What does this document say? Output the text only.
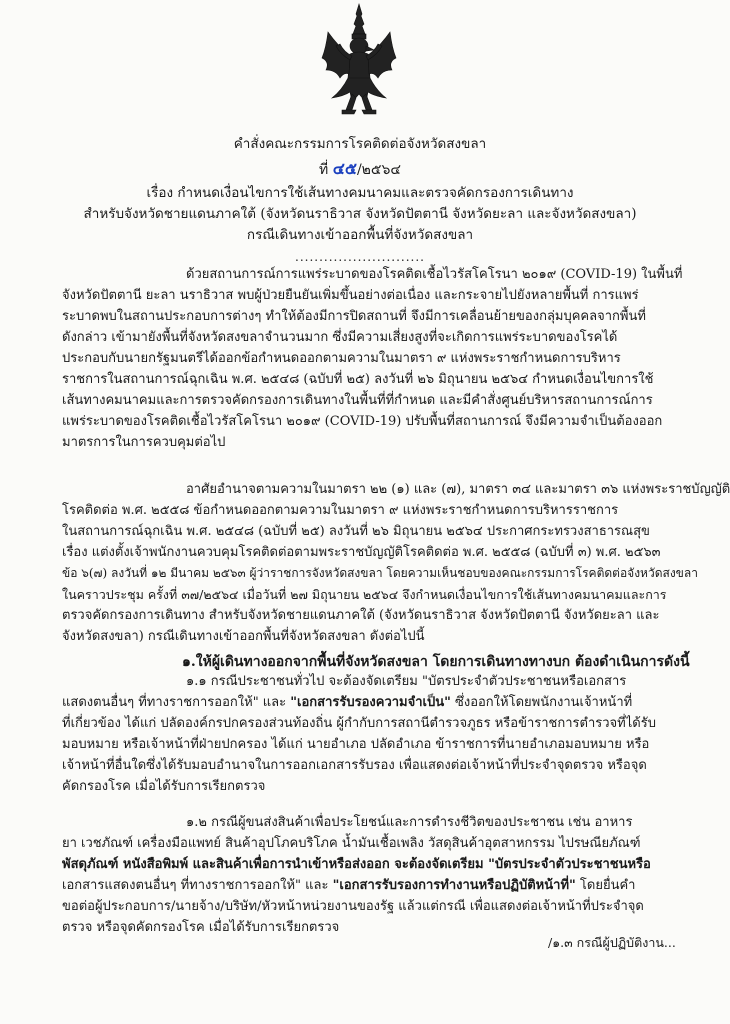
คำสั่งคณะกรรมการโรคติดต่อจังหวัดสงขลา
ที่ ๔๕/๒๕๖๔
เรื่อง กำหนดเงื่อนไขการใช้เส้นทางคมนาคมและตรวจคัดกรองการเดินทาง
สำหรับจังหวัดชายแดนภาคใต้ (จังหวัดนราธิวาส จังหวัดปัตตานี จังหวัดยะลา และจังหวัดสงขลา)
กรณีเดินทางเข้าออกพื้นที่จังหวัดสงขลา
...........................
ด้วยสถานการณ์การแพร่ระบาดของโรคติดเชื้อไวรัสโคโรนา ๒๐๑๙ (COVID-19) ในพื้นที่
จังหวัดปัตตานี ยะลา นราธิวาส พบผู้ป่วยยืนยันเพิ่มขึ้นอย่างต่อเนื่อง และกระจายไปยังหลายพื้นที่ การแพร่
ระบาดพบในสถานประกอบการต่างๆ ทำให้ต้องมีการปิดสถานที่ จึงมีการเคลื่อนย้ายของกลุ่มบุคคลจากพื้นที่
ดังกล่าว เข้ามายังพื้นที่จังหวัดสงขลาจำนวนมาก ซึ่งมีความเสี่ยงสูงที่จะเกิดการแพร่ระบาดของโรคได้
ประกอบกับนายกรัฐมนตรีได้ออกข้อกำหนดออกตามความในมาตรา ๙ แห่งพระราชกำหนดการบริหาร
ราชการในสถานการณ์ฉุกเฉิน พ.ศ. ๒๕๔๘ (ฉบับที่ ๒๕) ลงวันที่ ๒๖ มิถุนายน ๒๕๖๔ กำหนดเงื่อนไขการใช้
เส้นทางคมนาคมและการตรวจคัดกรองการเดินทางในพื้นที่ที่กำหนด และมีคำสั่งศูนย์บริหารสถานการณ์การ
แพร่ระบาดของโรคติดเชื้อไวรัสโคโรนา ๒๐๑๙ (COVID-19) ปรับพื้นที่สถานการณ์ จึงมีความจำเป็นต้องออก
มาตรการในการควบคุมต่อไป
อาศัยอำนาจตามความในมาตรา ๒๒ (๑) และ (๗), มาตรา ๓๔ และมาตรา ๓๖ แห่งพระราชบัญญัติ
โรคติดต่อ พ.ศ. ๒๕๕๘ ข้อกำหนดออกตามความในมาตรา ๙ แห่งพระราชกำหนดการบริหารราชการ
ในสถานการณ์ฉุกเฉิน พ.ศ. ๒๕๔๘ (ฉบับที่ ๒๕) ลงวันที่ ๒๖ มิถุนายน ๒๕๖๔ ประกาศกระทรวงสาธารณสุข
เรื่อง แต่งตั้งเจ้าพนักงานควบคุมโรคติดต่อตามพระราชบัญญัติโรคติดต่อ พ.ศ. ๒๕๕๘ (ฉบับที่ ๓) พ.ศ. ๒๕๖๓
ข้อ ๖(๗) ลงวันที่ ๑๒ มีนาคม ๒๕๖๓ ผู้ว่าราชการจังหวัดสงขลา โดยความเห็นชอบของคณะกรรมการโรคติดต่อจังหวัดสงขลา
ในคราวประชุม ครั้งที่ ๓๗/๒๕๖๔ เมื่อวันที่ ๒๗ มิถุนายน ๒๕๖๔ จึงกำหนดเงื่อนไขการใช้เส้นทางคมนาคมและการ
ตรวจคัดกรองการเดินทาง สำหรับจังหวัดชายแดนภาคใต้ (จังหวัดนราธิวาส จังหวัดปัตตานี จังหวัดยะลา และ
จังหวัดสงขลา) กรณีเดินทางเข้าออกพื้นที่จังหวัดสงขลา ดังต่อไปนี้
๑.ให้ผู้เดินทางออกจากพื้นที่จังหวัดสงขลา โดยการเดินทางทางบก ต้องดำเนินการดังนี้
๑.๑ กรณีประชาชนทั่วไป จะต้องจัดเตรียม "บัตรประจำตัวประชาชนหรือเอกสาร
แสดงตนอื่นๆ ที่ทางราชการออกให้" และ "เอกสารรับรองความจำเป็น" ซึ่งออกให้โดยพนักงานเจ้าหน้าที่
ที่เกี่ยวข้อง ได้แก่ ปลัดองค์กรปกครองส่วนท้องถิ่น ผู้กำกับการสถานีตำรวจภูธร หรือข้าราชการตำรวจที่ได้รับ
มอบหมาย หรือเจ้าหน้าที่ฝ่ายปกครอง ได้แก่ นายอำเภอ ปลัดอำเภอ ข้าราชการที่นายอำเภอมอบหมาย หรือ
เจ้าหน้าที่อื่นใดซึ่งได้รับมอบอำนาจในการออกเอกสารรับรอง เพื่อแสดงต่อเจ้าหน้าที่ประจำจุดตรวจ หรือจุด
คัดกรองโรค เมื่อได้รับการเรียกตรวจ
๑.๒ กรณีผู้ขนส่งสินค้าเพื่อประโยชน์และการดำรงชีวิตของประชาชน เช่น อาหาร
ยา เวชภัณฑ์ เครื่องมือแพทย์ สินค้าอุปโภคบริโภค น้ำมันเชื้อเพลิง วัสดุสินค้าอุตสาหกรรม ไปรษณียภัณฑ์
พัสดุภัณฑ์ หนังสือพิมพ์ และสินค้าเพื่อการนำเข้าหรือส่งออก จะต้องจัดเตรียม "บัตรประจำตัวประชาชนหรือ
เอกสารแสดงตนอื่นๆ ที่ทางราชการออกให้" และ "เอกสารรับรองการทำงานหรือปฏิบัติหน้าที่" โดยยื่นคำ
ขอต่อผู้ประกอบการ/นายจ้าง/บริษัท/หัวหน้าหน่วยงานของรัฐ แล้วแต่กรณี เพื่อแสดงต่อเจ้าหน้าที่ประจำจุด
ตรวจ หรือจุดคัดกรองโรค เมื่อได้รับการเรียกตรวจ
/๑.๓ กรณีผู้ปฏิบัติงาน...
